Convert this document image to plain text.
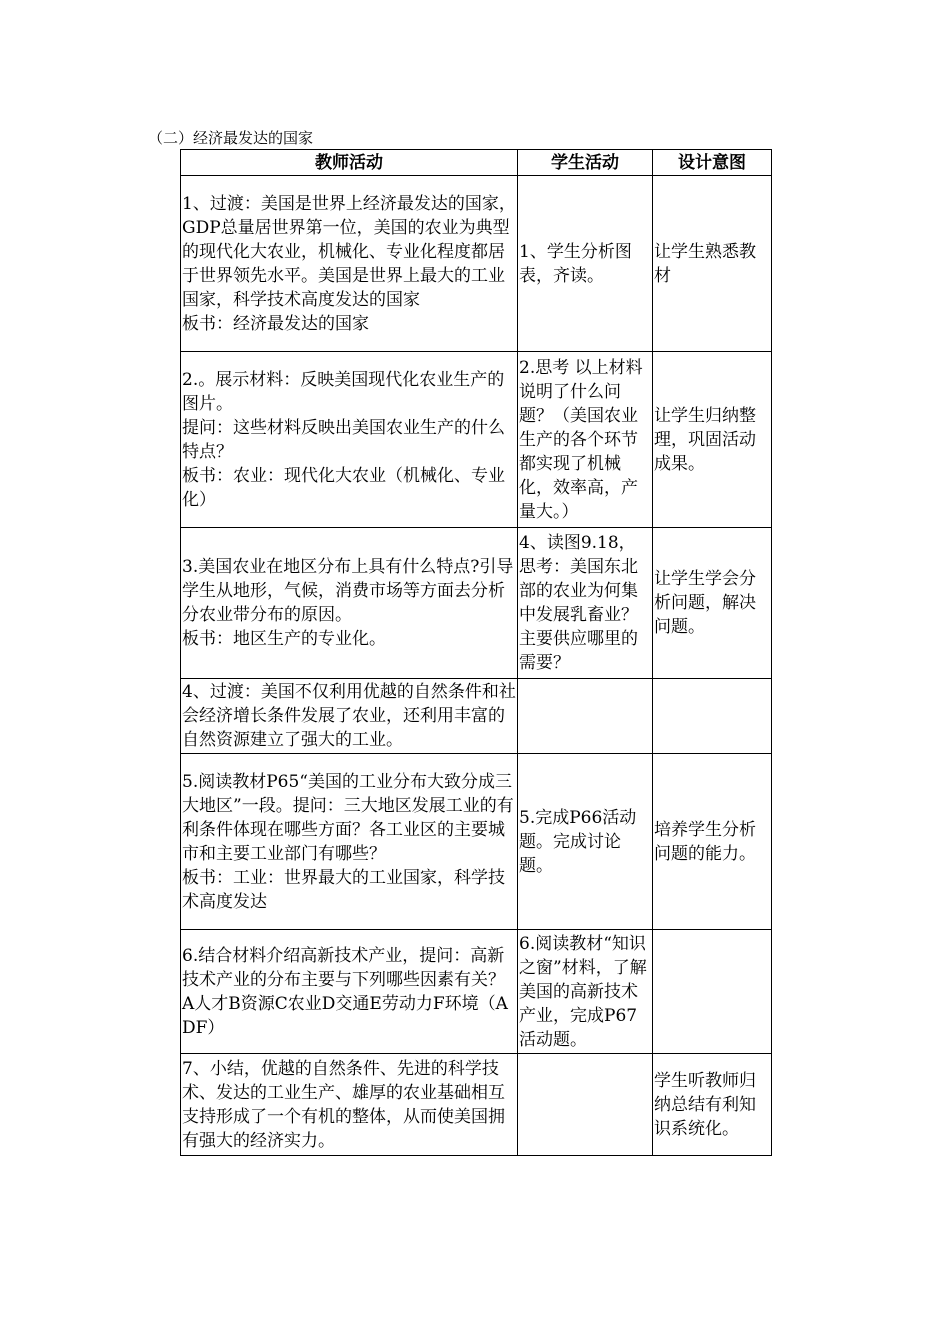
（二）经济最发达的国家
教师活动	学生活动	设计意图

1、过渡：美国是世界上经济最发达的国家，GDP总量居世界第一位，美国的农业为典型的现代化大农业，机械化、专业化程度都居于世界领先水平。美国是世界上最大的工业国家，科学技术高度发达的国家
板书：经济最发达的国家	1、学生分析图表，齐读。	让学生熟悉教材

2.。展示材料：反映美国现代化农业生产的图片。
提问：这些材料反映出美国农业生产的什么特点？
板书：农业：现代化大农业（机械化、专业化）	2.思考 以上材料说明了什么问题？（美国农业生产的各个环节都实现了机械化，效率高，产量大。）	让学生归纳整理，巩固活动成果。

3.美国农业在地区分布上具有什么特点?引导学生从地形，气候，消费市场等方面去分析分农业带分布的原因。
板书：地区生产的专业化。	4、读图9.18，思考：美国东北部的农业为何集中发展乳畜业？主要供应哪里的需要？	让学生学会分析问题，解决问题。

4、过渡：美国不仅利用优越的自然条件和社会经济增长条件发展了农业，还利用丰富的自然资源建立了强大的工业。		

5.阅读教材P65“美国的工业分布大致分成三大地区”一段。提问：三大地区发展工业的有利条件体现在哪些方面？各工业区的主要城市和主要工业部门有哪些？
板书：工业：世界最大的工业国家，科学技术高度发达	5.完成P66活动题。完成讨论题。	培养学生分析问题的能力。

6.结合材料介绍高新技术产业，提问：高新技术产业的分布主要与下列哪些因素有关？A人才B资源C农业D交通E劳动力F环境（ADF）	6.阅读教材“知识之窗”材料，了解美国的高新技术产业，完成P67活动题。	

7、小结，优越的自然条件、先进的科学技术、发达的工业生产、雄厚的农业基础相互支持形成了一个有机的整体，从而使美国拥有强大的经济实力。		学生听教师归纳总结有利知识系统化。
